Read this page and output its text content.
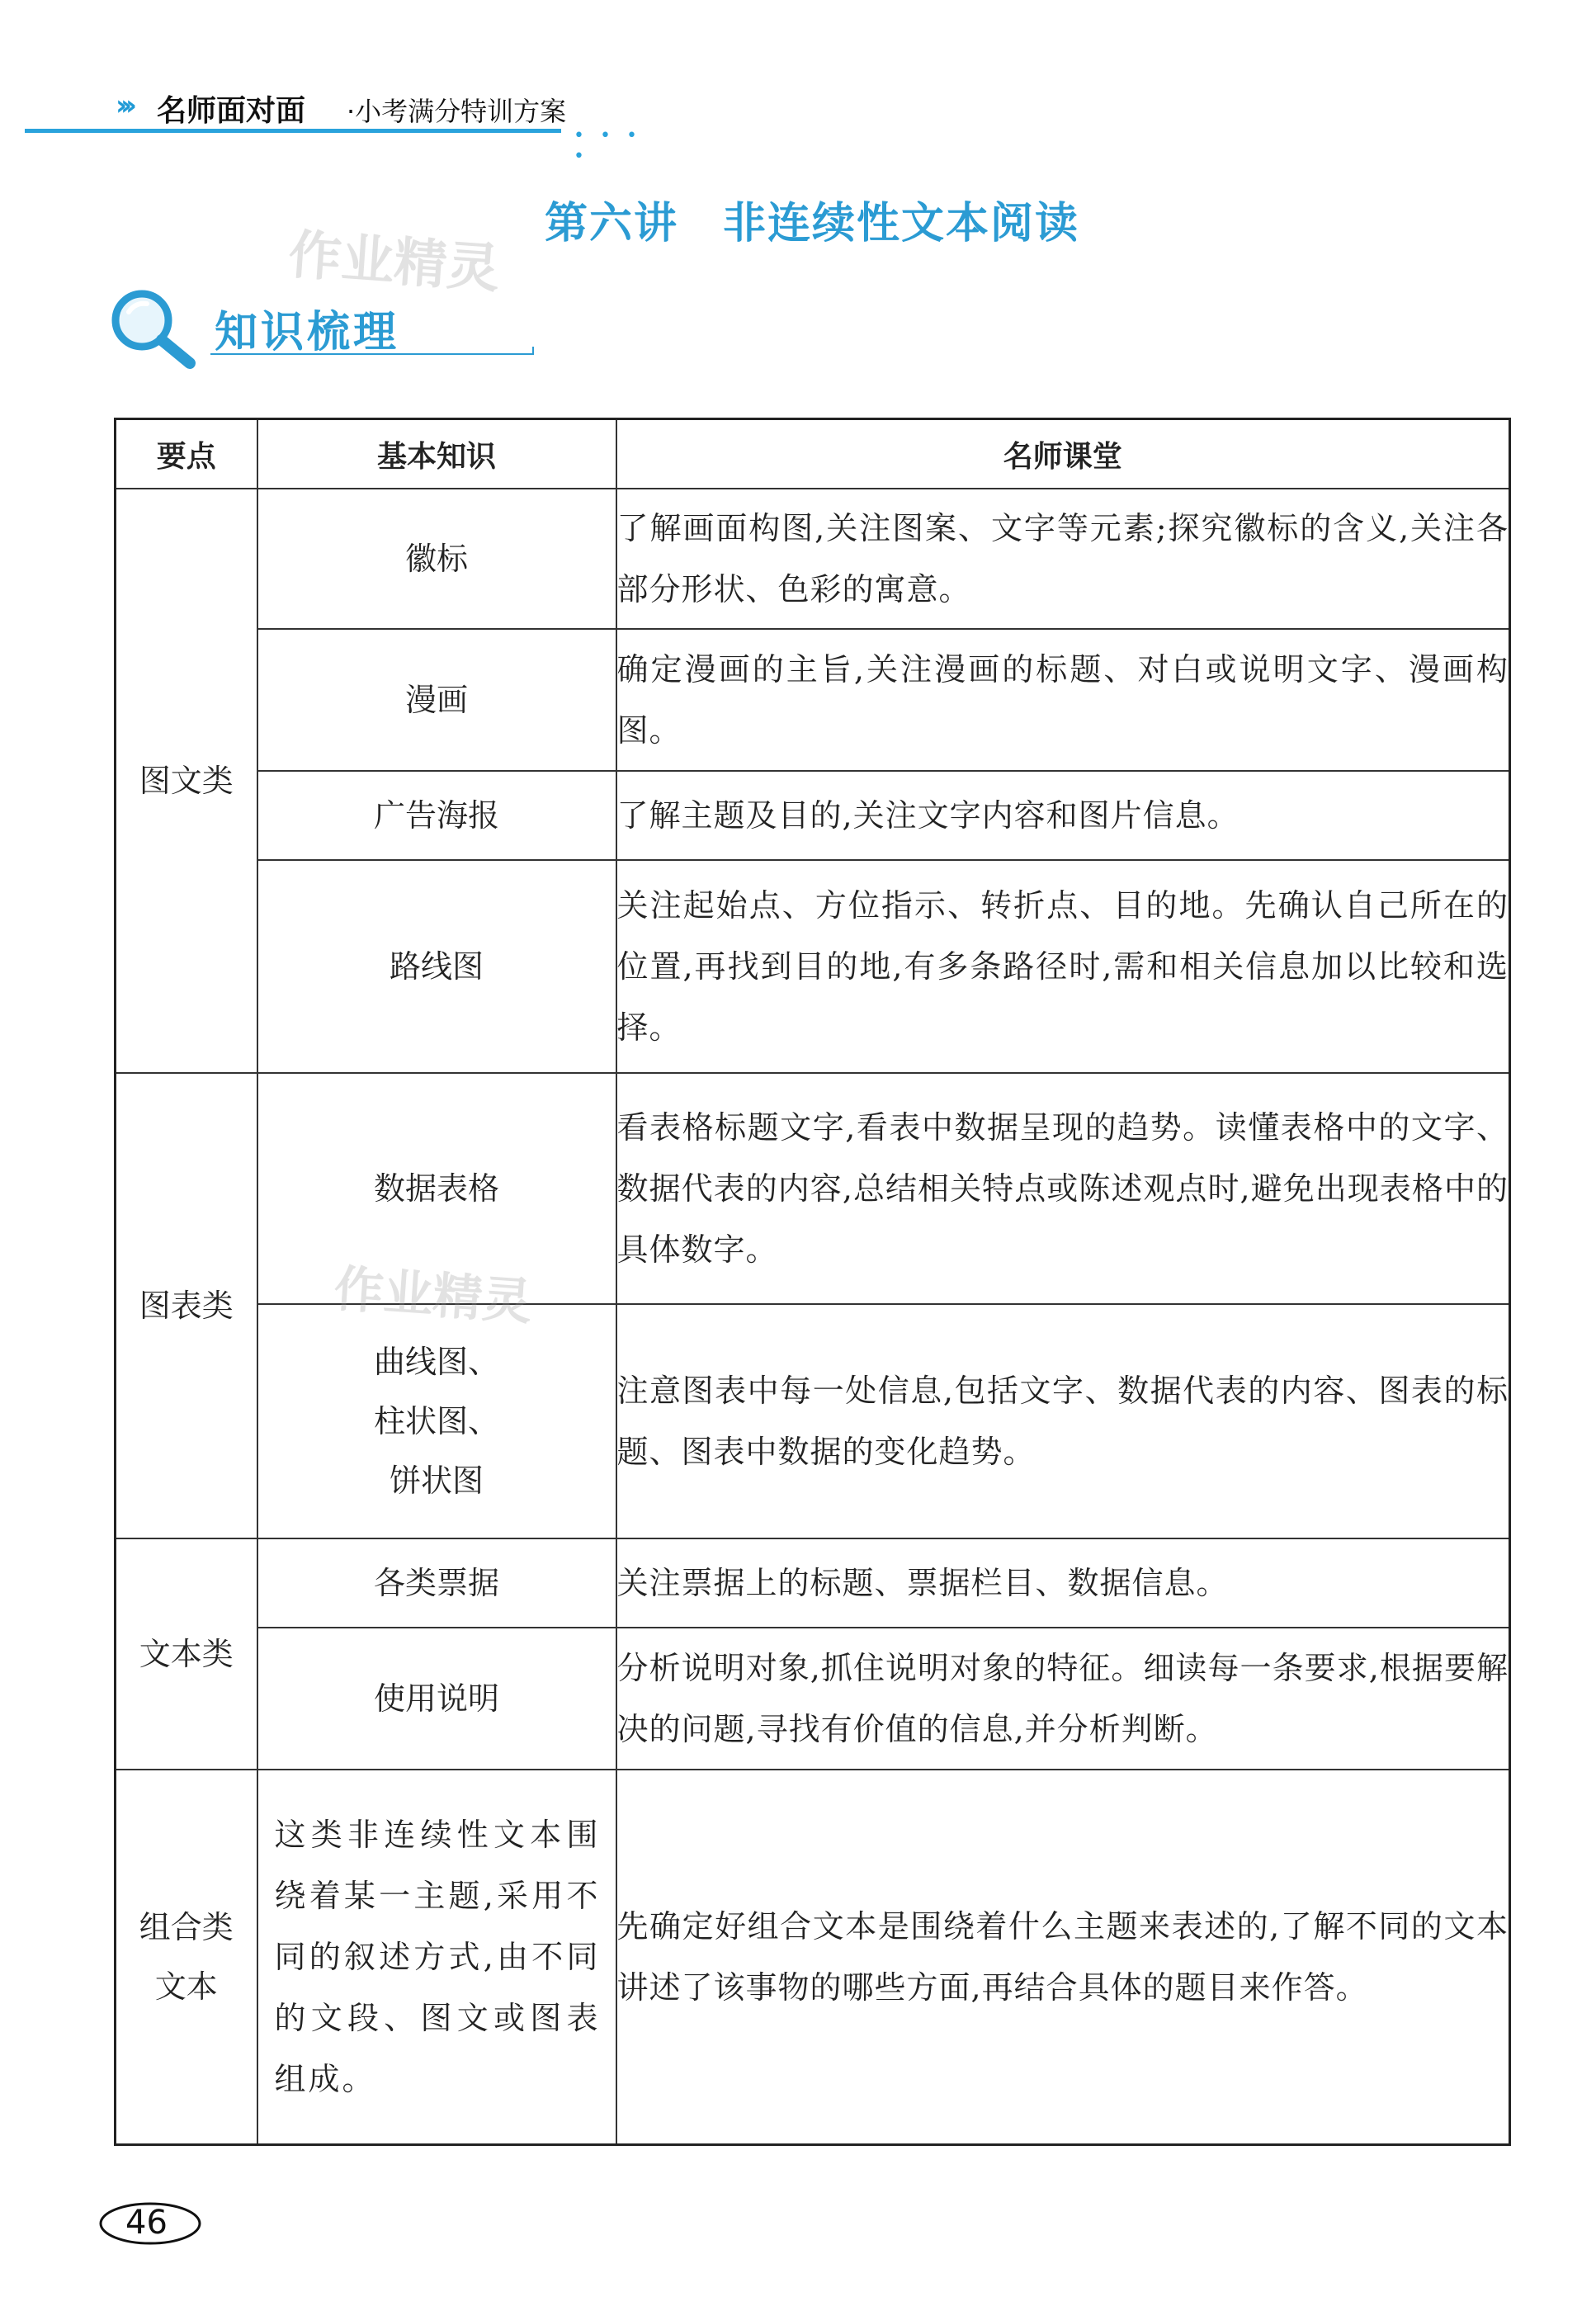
››› 名师面对面 ·小考满分特训方案
• • • •
作业精灵
第六讲　非连续性文本阅读
知识梳理
要点	基本知识	名师课堂
图文类	徽标	了解画面构图,关注图案、文字等元素;探究徽标的含义,关注各部分形状、色彩的寓意。
	漫画	确定漫画的主旨,关注漫画的标题、对白或说明文字、漫画构图。
	广告海报	了解主题及目的,关注文字内容和图片信息。
	路线图	关注起始点、方位指示、转折点、目的地。先确认自己所在的位置,再找到目的地,有多条路径时,需和相关信息加以比较和选择。
图表类	数据表格	看表格标题文字,看表中数据呈现的趋势。读懂表格中的文字、数据代表的内容,总结相关特点或陈述观点时,避免出现表格中的具体数字。

	曲线图、
柱状图、
饼状图	注意图表中每一处信息,包括文字、数据代表的内容、图表的标题、图表中数据的变化趋势。
文本类	各类票据	关注票据上的标题、票据栏目、数据信息。
	使用说明	分析说明对象,抓住说明对象的特征。细读每一条要求,根据要解决的问题,寻找有价值的信息,并分析判断。

组合类
文本	这类非连续性文本围绕着某一主题,采用不同的叙述方式,由不同的文段、图文或图表组成。	先确定好组合文本是围绕着什么主题来表述的,了解不同的文本讲述了该事物的哪些方面,再结合具体的题目来作答。
作业精灵
46
